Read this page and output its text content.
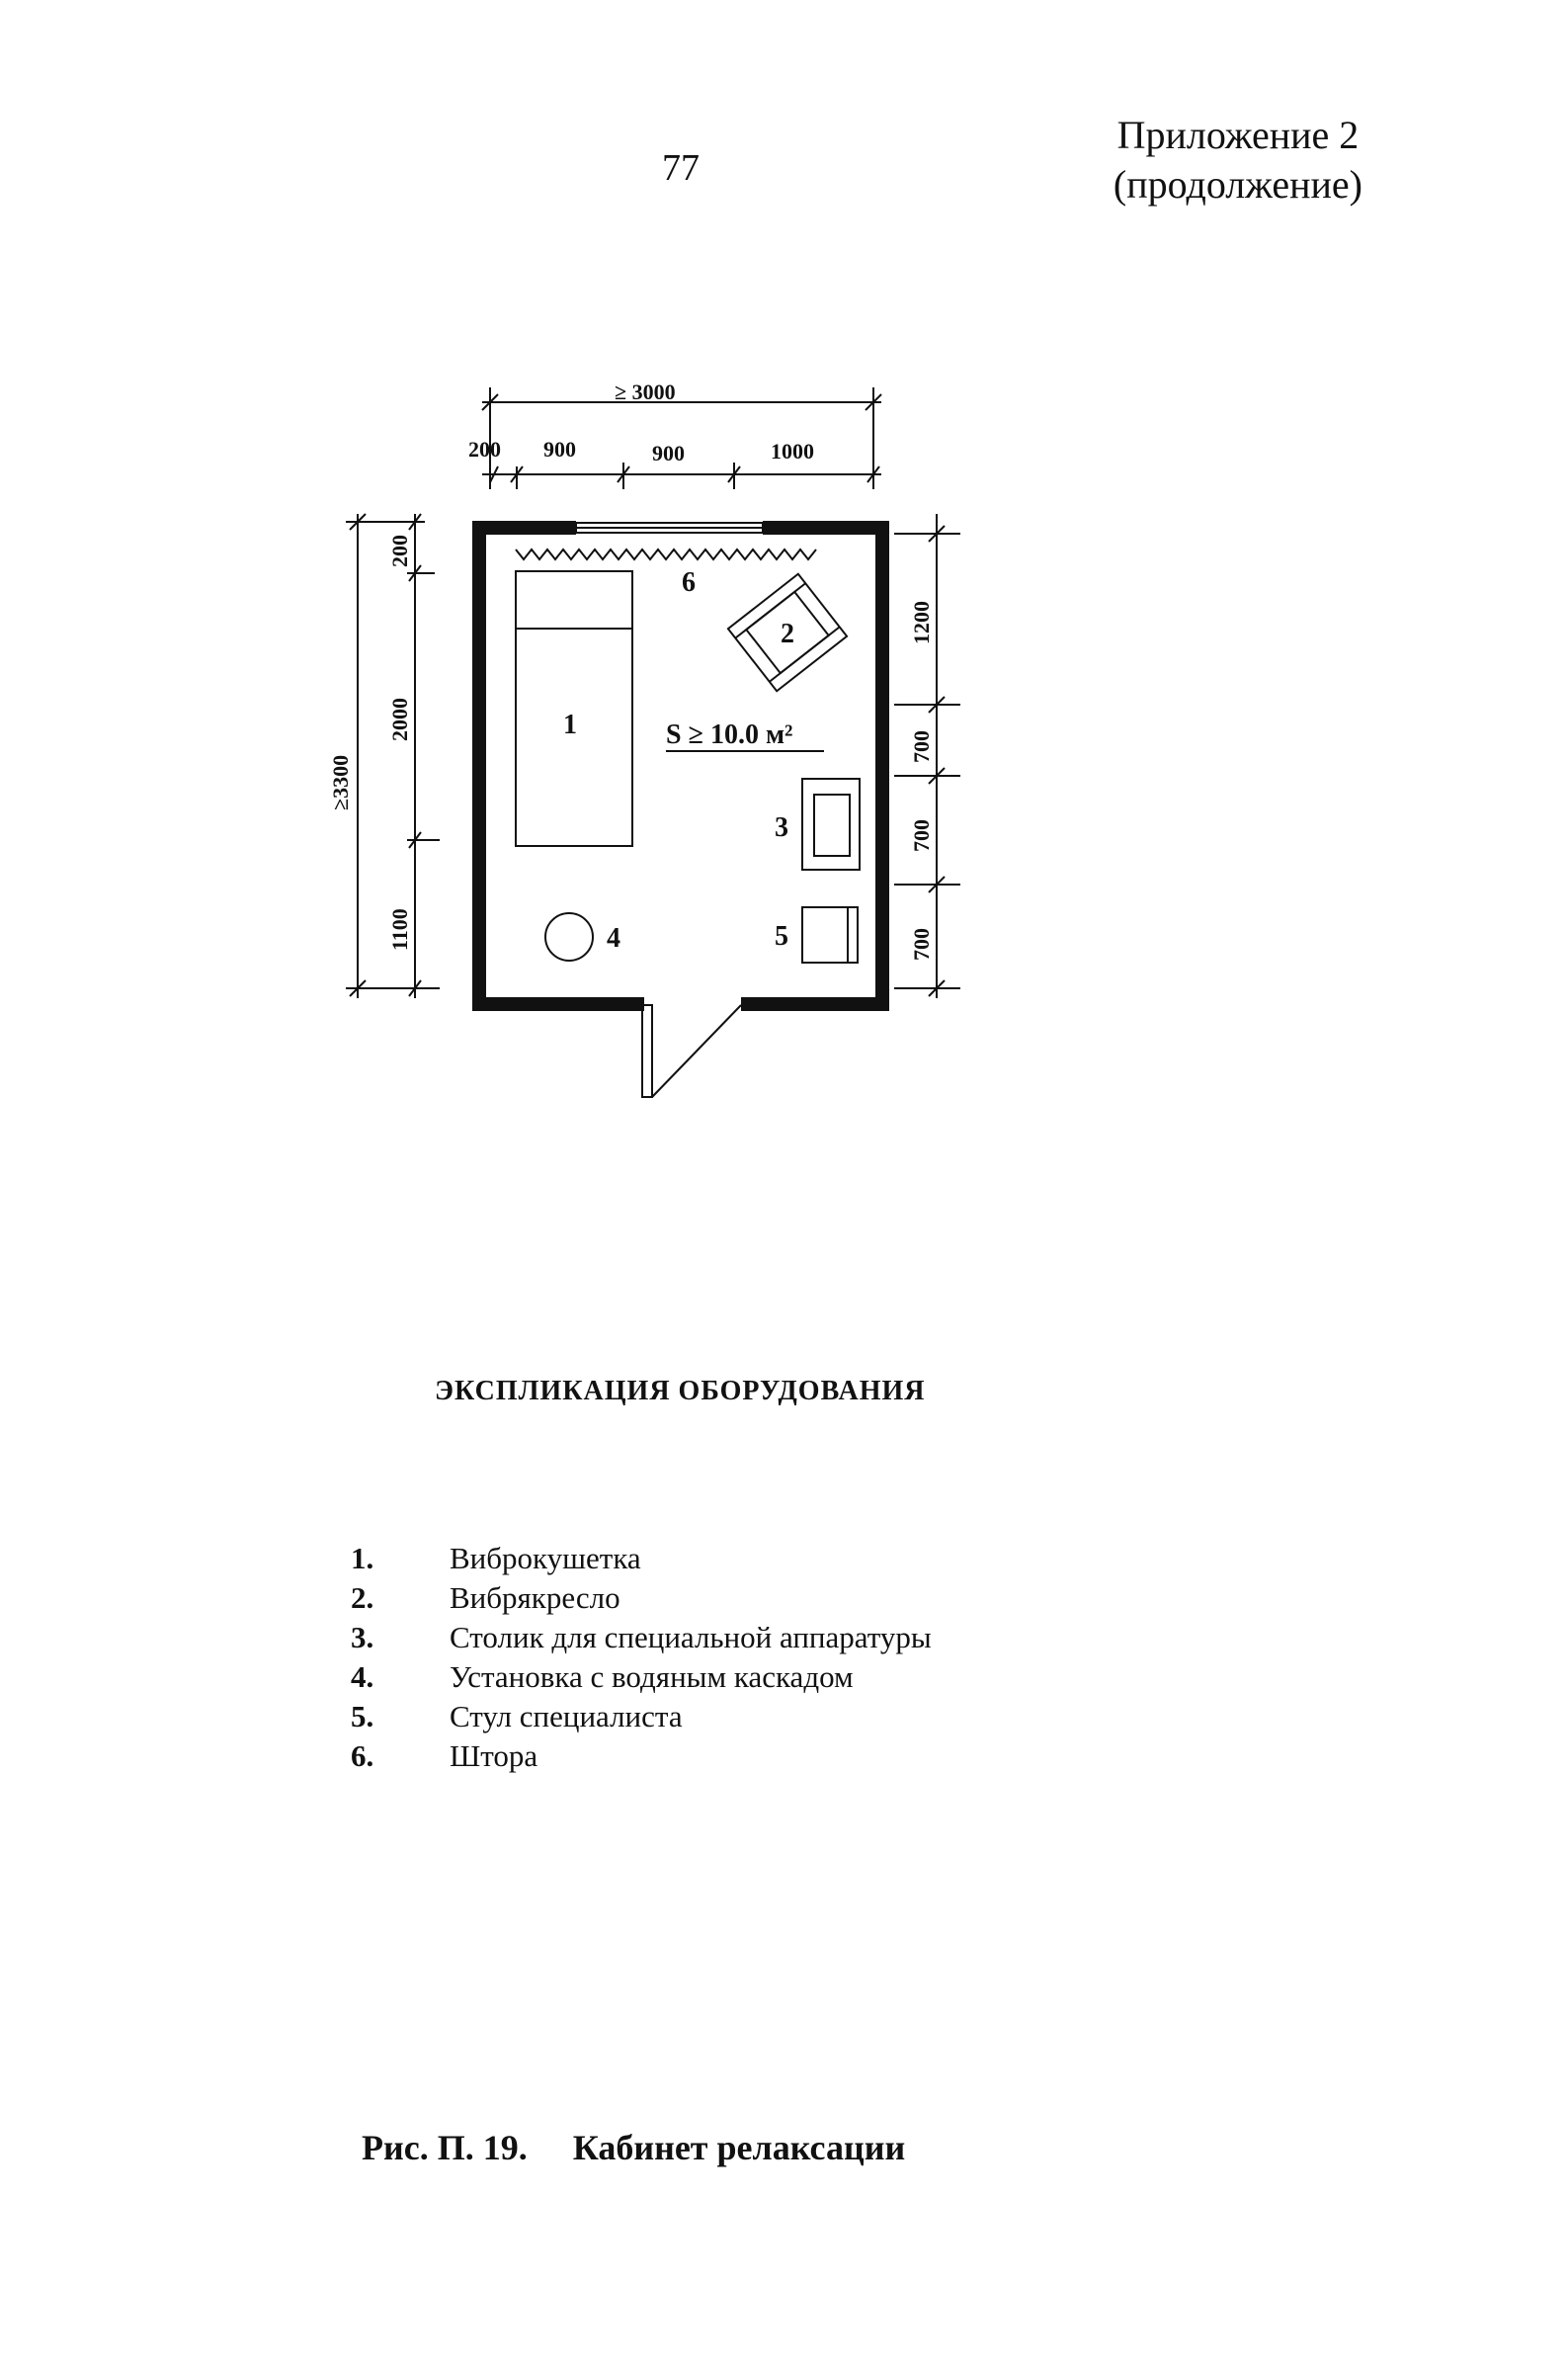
77
Приложение 2
(продолжение)
S ≥ 10.0 м²
1
2
3
4	5
6
≥ 3000
200 900	900	1000
≥3300
200
2000
1100
1200
700
700
700
ЭКСПЛИКАЦИЯ ОБОРУДОВАНИЯ
1.	Виброкушетка
2.	Вибрякресло
3.	Столик для специальной аппаратуры
4.	Установка с водяным каскадом
5.	Стул специалиста
6.	Штора
Рис. П. 19. Кабинет релаксации
